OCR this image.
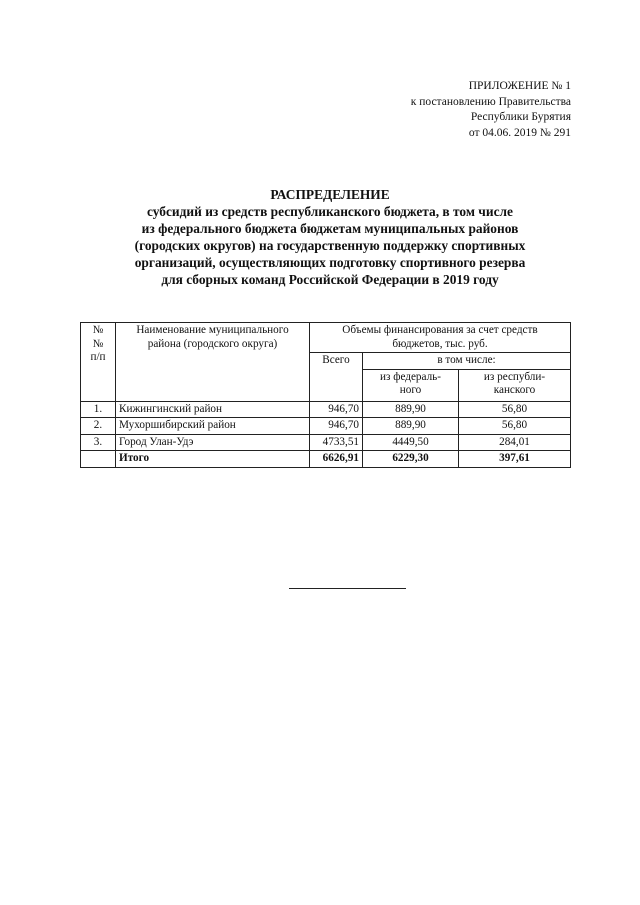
ПРИЛОЖЕНИЕ № 1
к постановлению Правительства
Республики Бурятия
от 04.06. 2019 № 291
РАСПРЕДЕЛЕНИЕ
субсидий из средств республиканского бюджета, в том числе
из федерального бюджета бюджетам муниципальных районов
(городских округов) на государственную поддержку спортивных
организаций, осуществляющих подготовку спортивного резерва
для сборных команд Российской Федерации в 2019 году
№№ п/п	Наименование муниципального района (городского округа)	Объемы финансирования за счет средств бюджетов, тыс. руб.		
		Всего	в том числе:	
			из федераль-ного	из республи-канского
1.	Кижингинский район	946,70	889,90	56,80
2.	Мухоршибирский район	946,70	889,90	56,80
3.	Город Улан-Удэ	4733,51	4449,50	284,01
	Итого	6626,91	6229,30	397,61
